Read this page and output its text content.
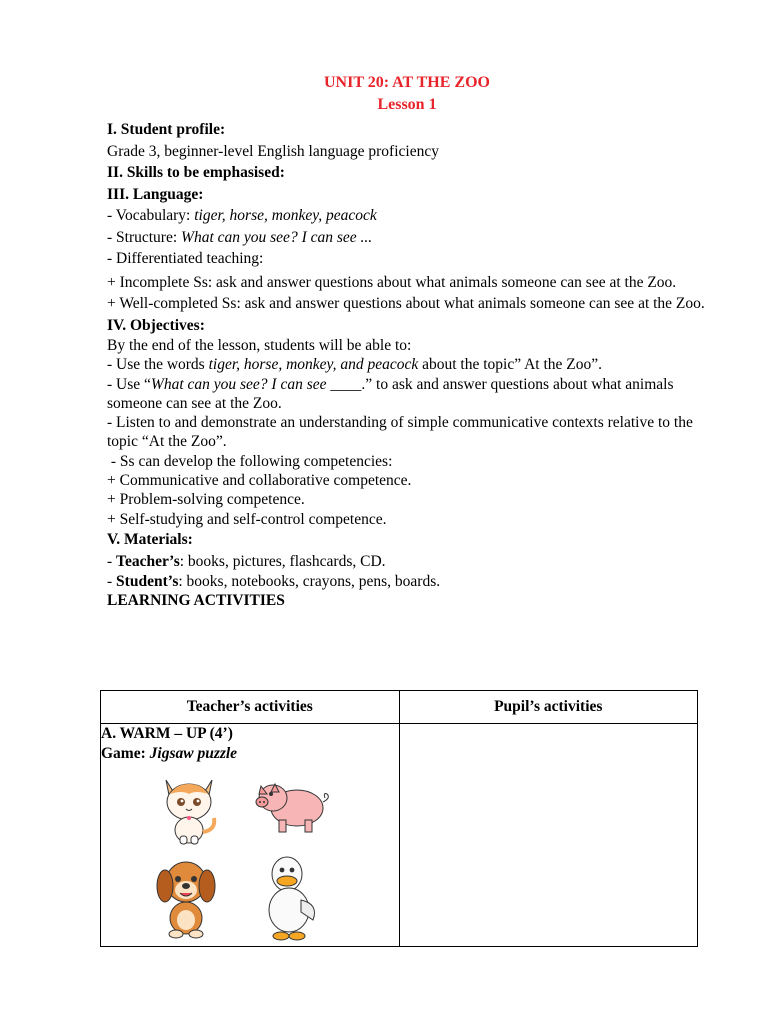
UNIT 20: AT THE ZOO
Lesson 1

I. Student profile:

Grade 3, beginner-level English language proficiency

II. Skills to be emphasised:

III. Language:

- Vocabulary: tiger, horse, monkey, peacock

- Structure: What can you see? I can see ...

- Differentiated teaching:

+ Incomplete Ss: ask and answer questions about what animals someone can see at the Zoo.

+ Well-completed Ss: ask and answer questions about what animals someone can see at the Zoo.

IV. Objectives:

By the end of the lesson, students will be able to:

- Use the words tiger, horse, monkey, and peacock about the topic” At the Zoo”.

- Use “What can you see? I can see ____.” to ask and answer questions about what animals someone can see at the Zoo.

- Listen to and demonstrate an understanding of simple communicative contexts relative to the topic “At the Zoo”.

- Ss can develop the following competencies:

+ Communicative and collaborative competence.

+ Problem-solving competence.

+ Self-studying and self-control competence.

V. Materials:

- Teacher’s: books, pictures, flashcards, CD.

- Student’s: books, notebooks, crayons, pens, boards.

LEARNING ACTIVITIES

Teacher’s activities	Pupil’s activities

A. WARM – UP (4’)
Game: Jigsaw puzzle	
